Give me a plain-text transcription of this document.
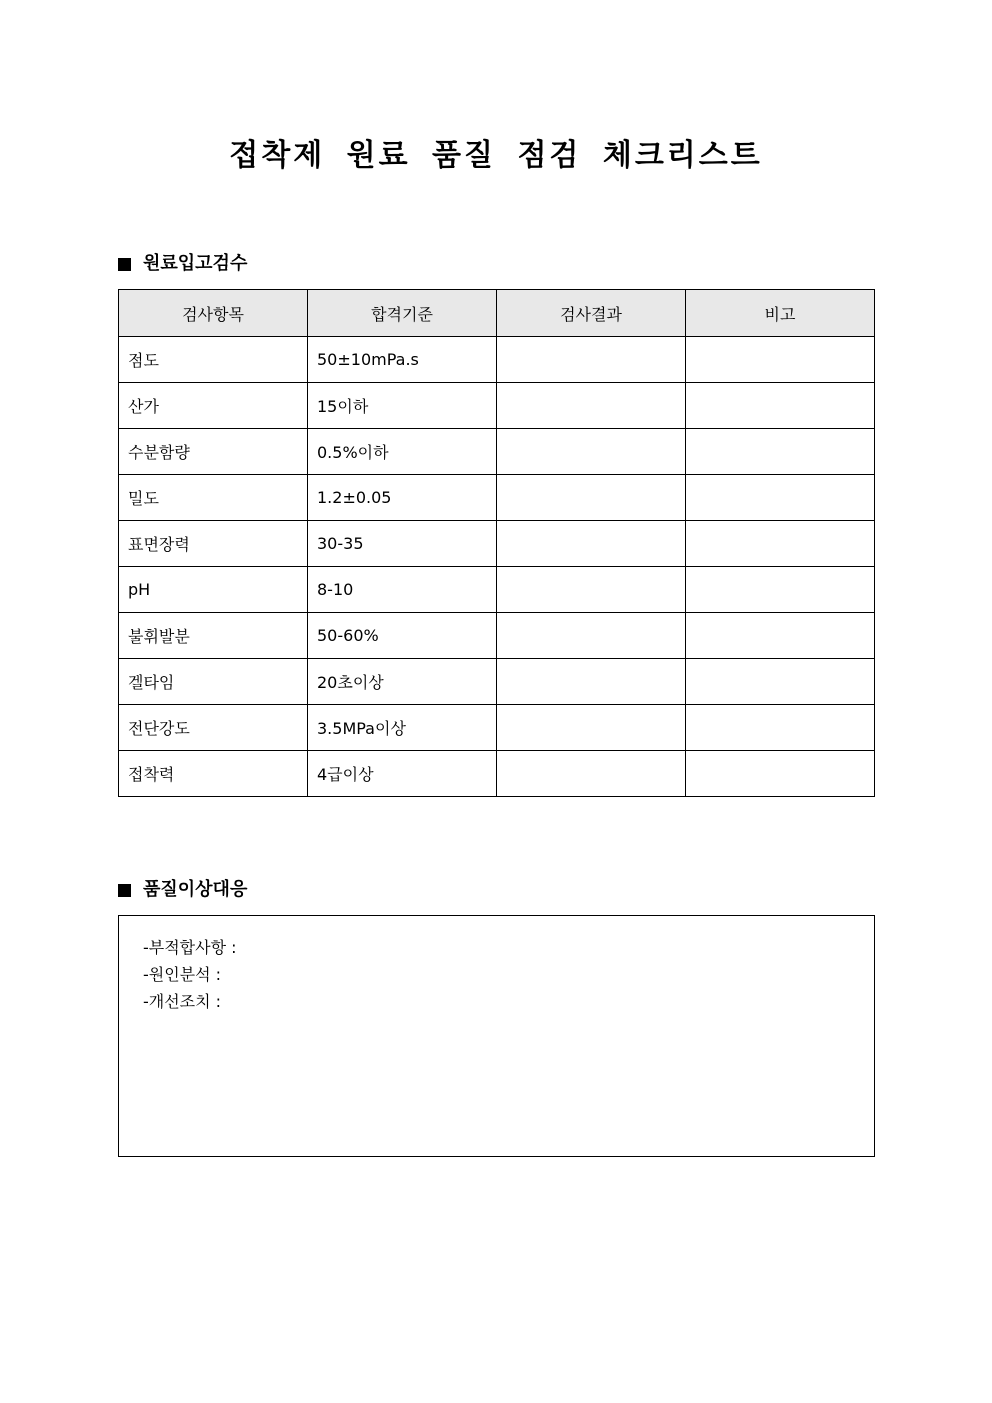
접착제 원료 품질 점검 체크리스트
원료입고검수
검사항목	합격기준	검사결과	비고
점도	50±10mPa.s		
산가	15이하		
수분함량	0.5%이하		
밀도	1.2±0.05		
표면장력	30-35		
pH	8-10		
불휘발분	50-60%		
겔타임	20초이상		
전단강도	3.5MPa이상		
접착력	4급이상		
품질이상대응
-부적합사항 :
-원인분석 :
-개선조치 :
